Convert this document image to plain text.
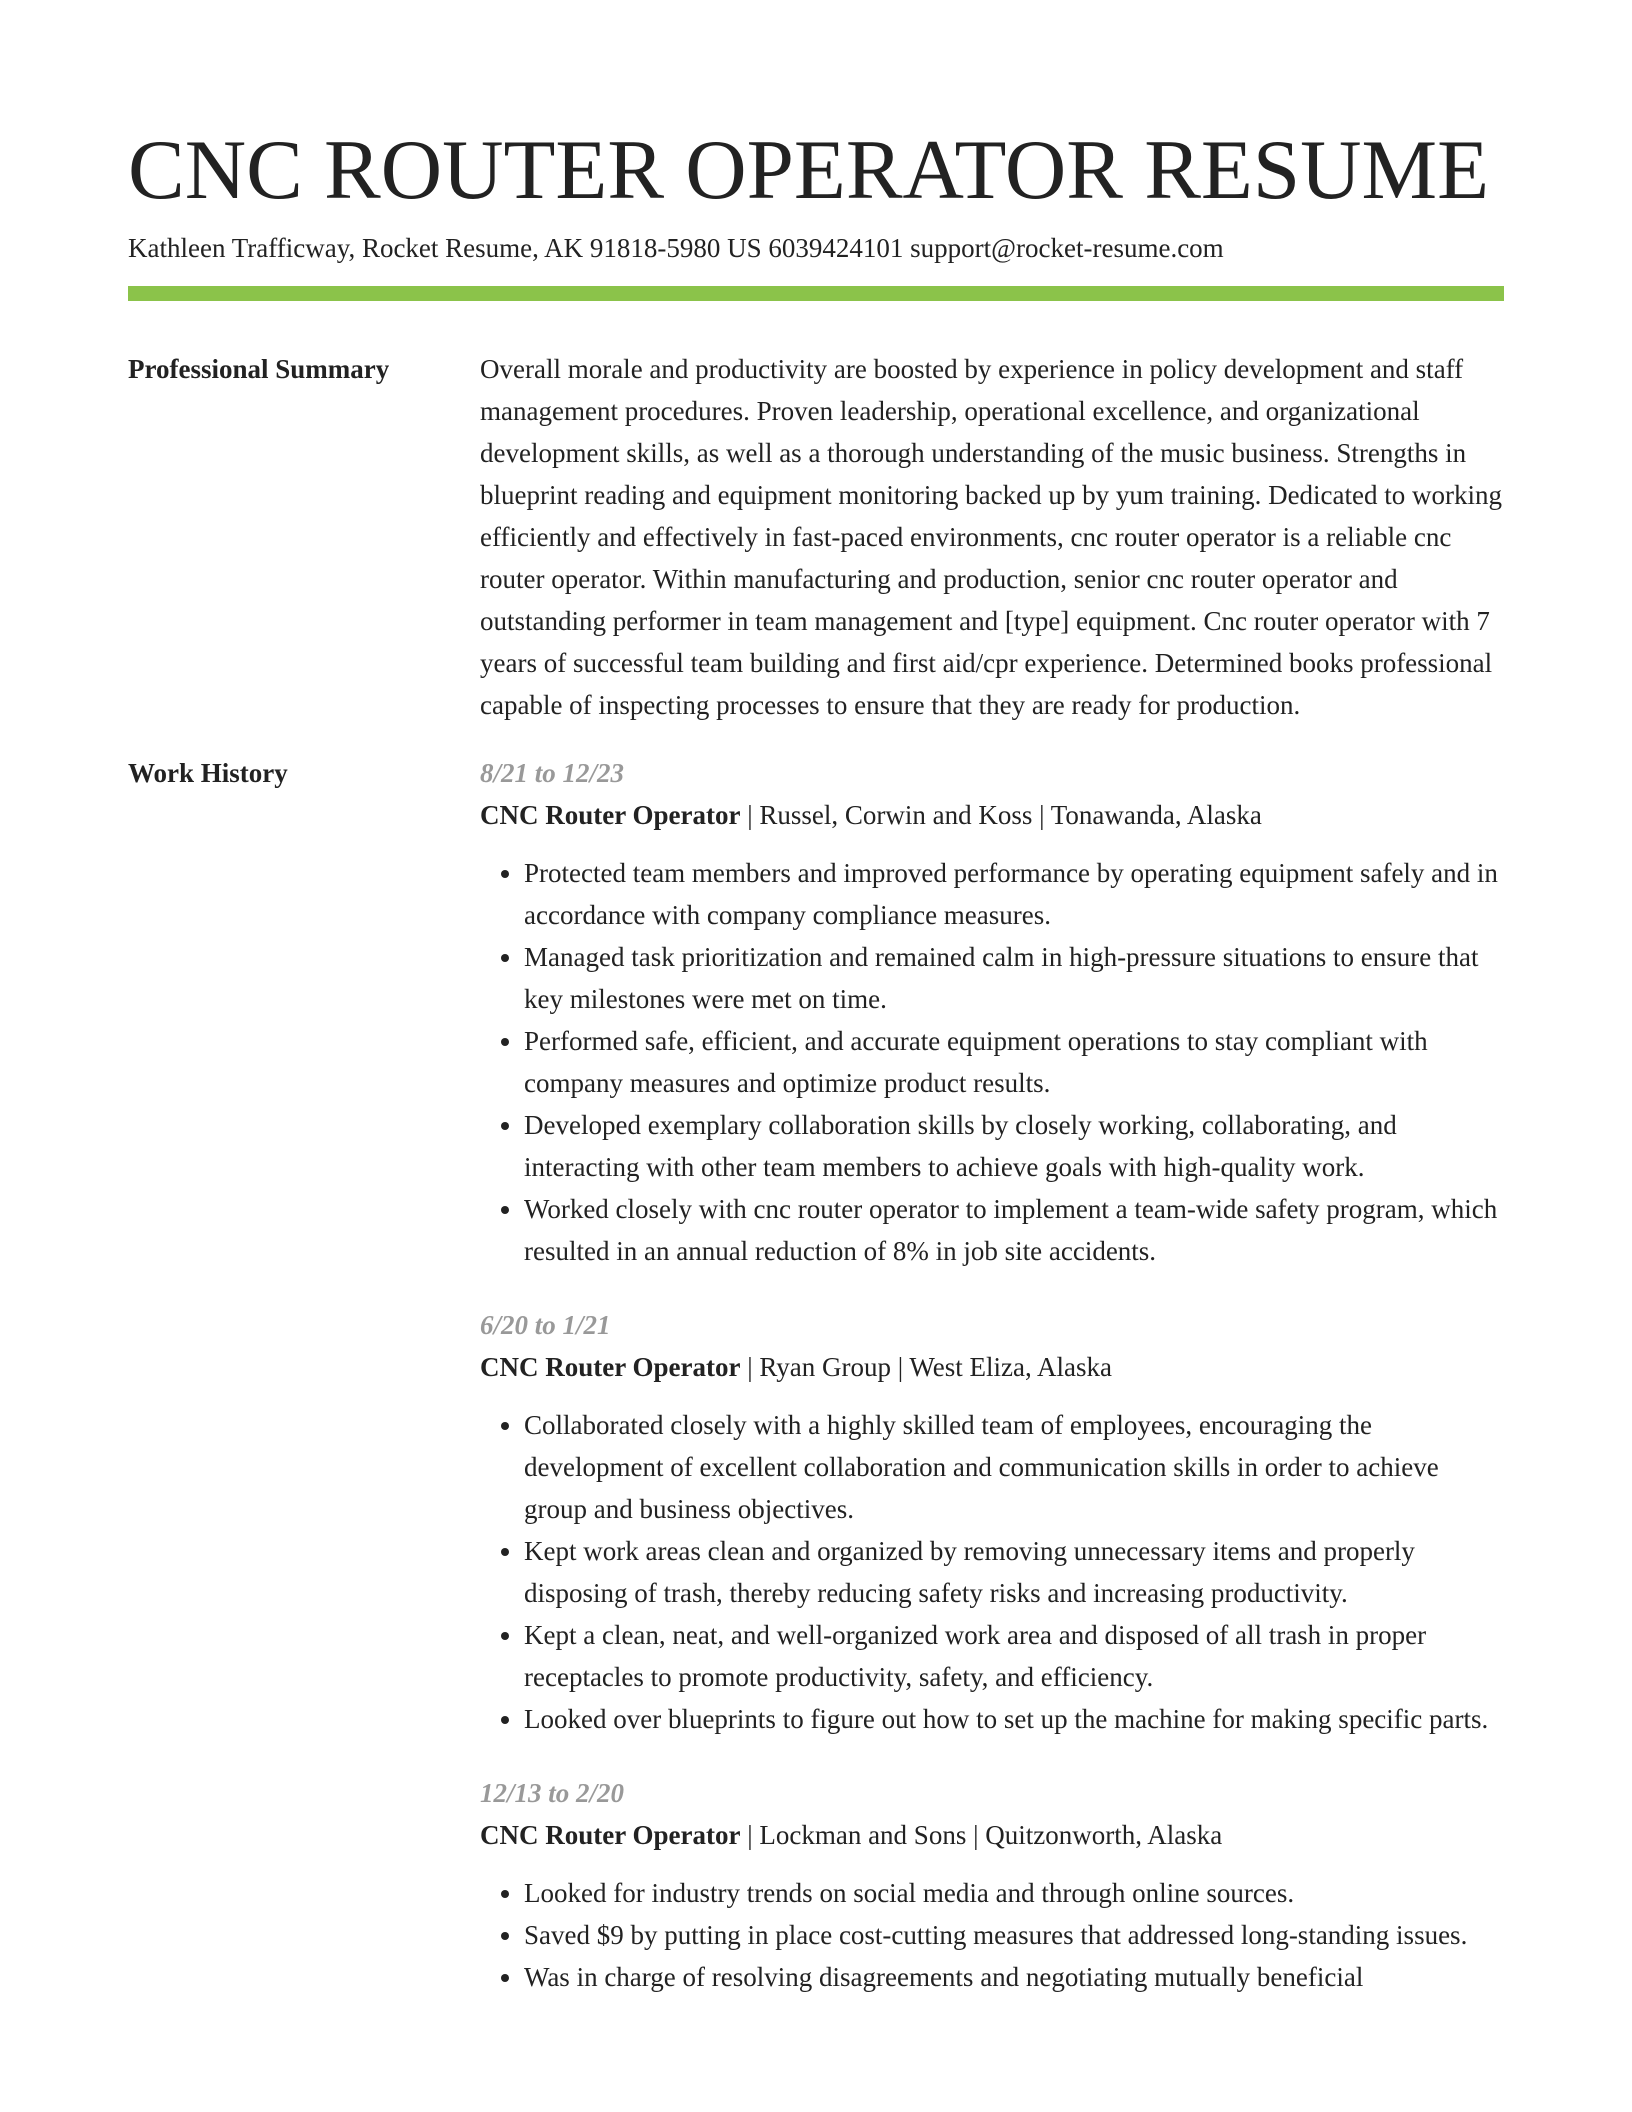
CNC ROUTER OPERATOR RESUME
Kathleen Trafficway, Rocket Resume, AK 91818-5980 US 6039424101 support@rocket-resume.com
Professional Summary	Overall morale and productivity are boosted by experience in policy development and staff management procedures. Proven leadership, operational excellence, and organizational development skills, as well as a thorough understanding of the music business. Strengths in blueprint reading and equipment monitoring backed up by yum training. Dedicated to working efficiently and effectively in fast-paced environments, cnc router operator is a reliable cnc router operator. Within manufacturing and production, senior cnc router operator and outstanding performer in team management and [type] equipment. Cnc router operator with 7 years of successful team building and first aid/cpr experience. Determined books professional capable of inspecting processes to ensure that they are ready for production.

Work History	8/21 to 12/23
CNC Router Operator | Russel, Corwin and Koss | Tonawanda, Alaska
• Protected team members and improved performance by operating equipment safely and in accordance with company compliance measures.
• Managed task prioritization and remained calm in high-pressure situations to ensure that key milestones were met on time.
• Performed safe, efficient, and accurate equipment operations to stay compliant with company measures and optimize product results.
• Developed exemplary collaboration skills by closely working, collaborating, and interacting with other team members to achieve goals with high-quality work.
• Worked closely with cnc router operator to implement a team-wide safety program, which resulted in an annual reduction of 8% in job site accidents.
6/20 to 1/21
CNC Router Operator | Ryan Group | West Eliza, Alaska
• Collaborated closely with a highly skilled team of employees, encouraging the development of excellent collaboration and communication skills in order to achieve group and business objectives.
• Kept work areas clean and organized by removing unnecessary items and properly disposing of trash, thereby reducing safety risks and increasing productivity.
• Kept a clean, neat, and well-organized work area and disposed of all trash in proper receptacles to promote productivity, safety, and efficiency.
• Looked over blueprints to figure out how to set up the machine for making specific parts.
12/13 to 2/20
CNC Router Operator | Lockman and Sons | Quitzonworth, Alaska
• Looked for industry trends on social media and through online sources.
• Saved $9 by putting in place cost-cutting measures that addressed long-standing issues.
• Was in charge of resolving disagreements and negotiating mutually beneficial
